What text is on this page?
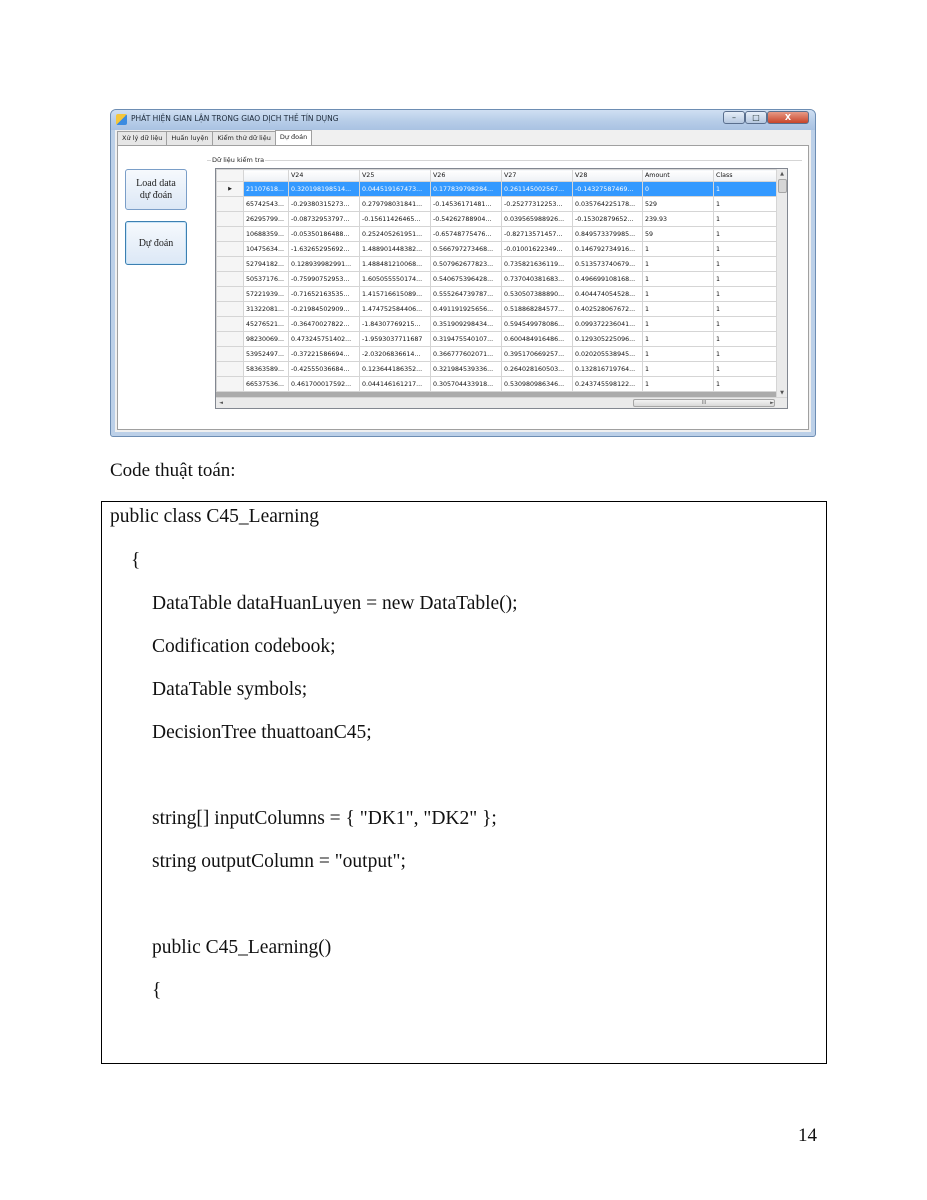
PHÁT HIỆN GIAN LẬN TRONG GIAO DỊCH THẺ TÍN DỤNG	–	□	X
Xử lý dữ liệu	Huấn luyện	Kiểm thử dữ liệu	Dự đoán
Load data
dự đoán
Dự đoán
Dữ liệu kiểm tra
		V24	V25	V26	V27	V28	Amount	Class
▶	21107618...	0.320198198514...	0.044519167473...	0.177839798284...	0.261145002567...	-0.14327587469...	0	1
	65742543...	-0.29380315273...	0.279798031841...	-0.14536171481...	-0.25277312253...	0.035764225178...	529	1
	26295799...	-0.08732953797...	-0.15611426465...	-0.54262788904...	0.039565988926...	-0.15302879652...	239.93	1
	10688359...	-0.05350186488...	0.252405261951...	-0.65748775476...	-0.82713571457...	0.849573379985...	59	1
	10475634...	-1.63265295692...	1.488901448382...	0.566797273468...	-0.01001622349...	0.146792734916...	1	1
	52794182...	0.128939982991...	1.488481210068...	0.507962677823...	0.735821636119...	0.513573740679...	1	1
	50537176...	-0.75990752953...	1.605055550174...	0.540675396428...	0.737040381683...	0.496699108168...	1	1
	57221939...	-0.71652163535...	1.415716615089...	0.555264739787...	0.530507388890...	0.404474054528...	1	1
	31322081...	-0.21984502909...	1.474752584406...	0.491191925656...	0.518868284577...	0.402528067672...	1	1
	45276521...	-0.36470027822...	-1.84307769215...	0.351909298434...	0.594549978086...	0.099372236041...	1	1
	98230069...	0.473245751402...	-1.9593037711687	0.319475540107...	0.600484916486...	0.129305225096...	1	1
	53952497...	-0.37221586694...	-2.03206836614...	0.366777602071...	0.395170669257...	0.020205538945...	1	1
	58363589...	-0.42555036684...	0.123644186352...	0.321984539336...	0.264028160503...	0.132816719764...	1	1
	66537536...	0.461700017592...	0.044146161217...	0.305704433918...	0.530980986346...	0.243745598122...	1	1
▲
▼
◄	III	►
Code thuật toán:
public class C45_Learning
{
DataTable dataHuanLuyen = new DataTable();
Codification codebook;
DataTable symbols;
DecisionTree thuattoanC45;
string[] inputColumns = { "DK1", "DK2" };
string outputColumn = "output";
public C45_Learning()
{
14
